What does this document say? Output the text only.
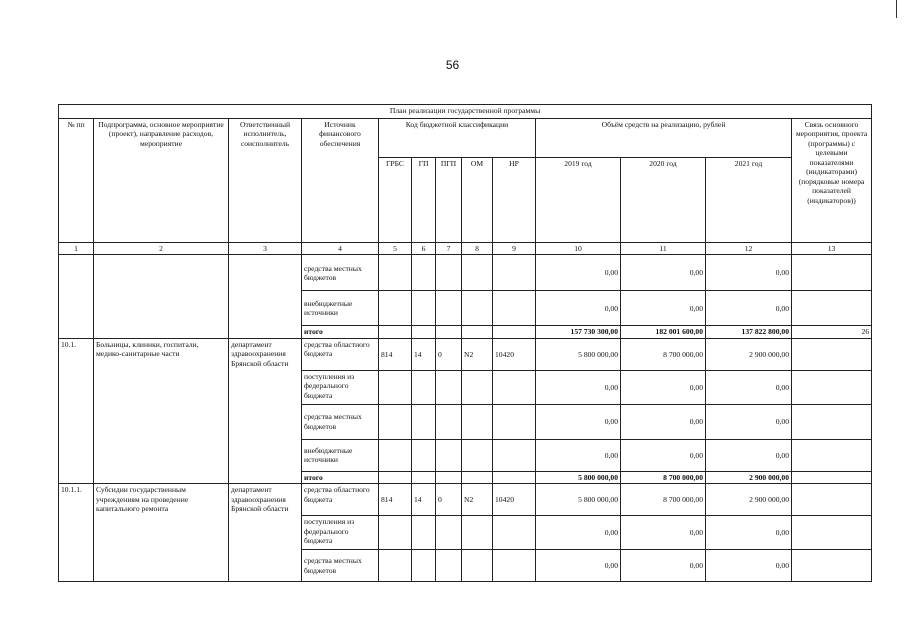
56
План реализации государственной программы												
№ пп	Подпрограмма, основное мероприятие (проект), направление расходов, мероприятие	Ответственный исполнитель, соисполнитель	Источник финансового обеспечения	Код бюджетной классификации					Объём средств на реализацию, рублей			Связь основного мероприятия, проекта (программы) с целевыми показателями (индикаторами) (порядковые номера показателей (индикаторов))
				ГРБС	ГП	ПГП	ОМ	НР	2019 год	2020 год	2021 год	
1	2	3	4	5	6	7	8	9	10	11	12	13
			средства местных бюджетов						0,00	0,00	0,00	
			внебюджетные источники						0,00	0,00	0,00	
			итого						157 730 300,00	182 001 600,00	137 822 800,00	26
10.1.	Больницы, клиники, госпитали, медико-санитарные части	департамент здравоохранения Брянской области	средства областного бюджета	814	14	0	N2	10420	5 800 000,00	8 700 000,00	2 900 000,00	
			поступления из федерального бюджета						0,00	0,00	0,00	
			средства местных бюджетов						0,00	0,00	0,00	
			внебюджетные источники						0,00	0,00	0,00	
			итого						5 800 000,00	8 700 000,00	2 900 000,00	
10.1.1.	Субсидии государственным учреждениям на проведение капитального ремонта	департамент здравоохранения Брянской области	средства областного бюджета	814	14	0	N2	10420	5 800 000,00	8 700 000,00	2 900 000,00	
			поступления из федерального бюджета						0,00	0,00	0,00	
			средства местных бюджетов						0,00	0,00	0,00	
